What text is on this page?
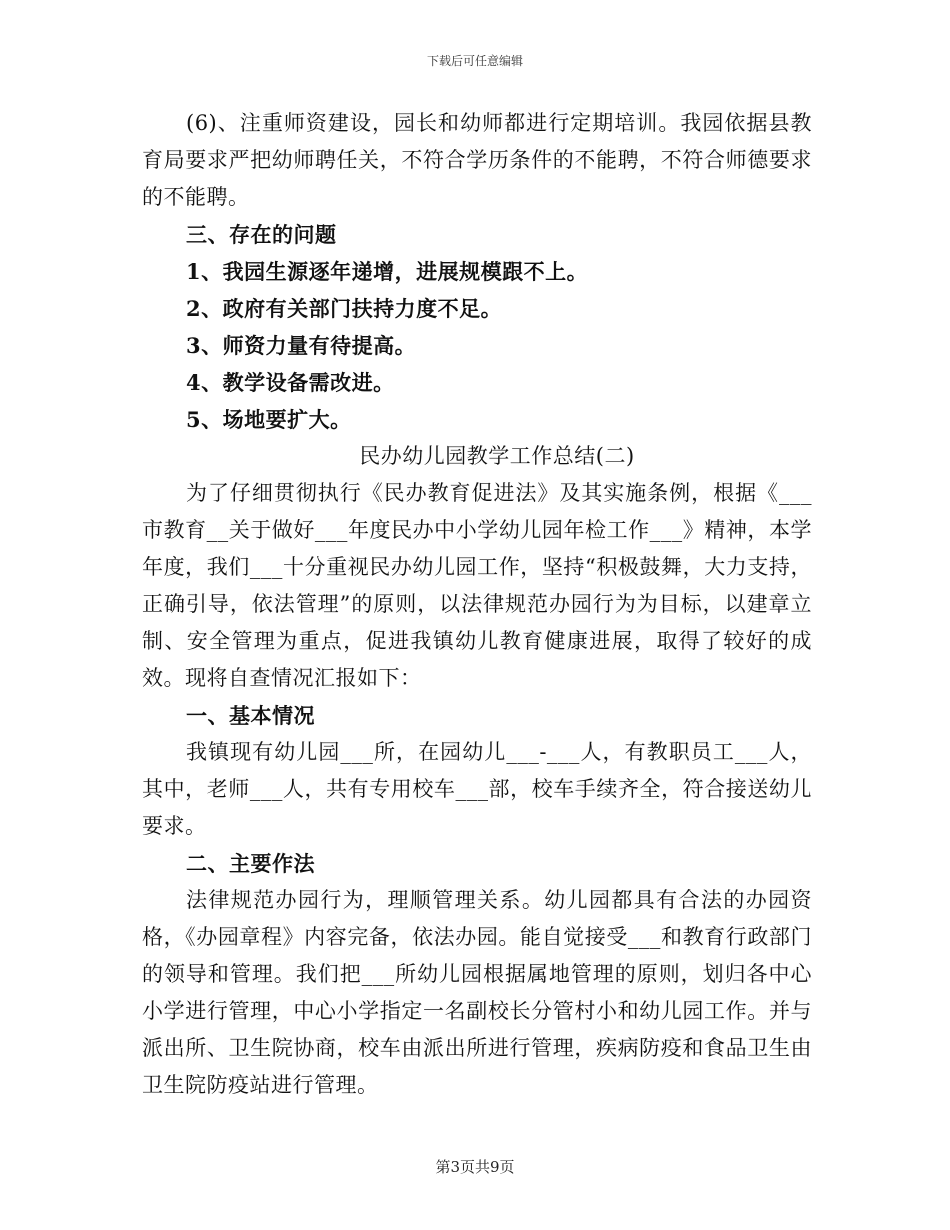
下载后可任意编辑

(6)、注重师资建设，园长和幼师都进行定期培训。我园依据县教育局要求严把幼师聘任关，不符合学历条件的不能聘，不符合师德要求的不能聘。

三、存在的问题

1、我园生源逐年递增，进展规模跟不上。

2、政府有关部门扶持力度不足。

3、师资力量有待提高。

4、教学设备需改进。

5、场地要扩大。

民办幼儿园教学工作总结(二)

为了仔细贯彻执行《民办教育促进法》及其实施条例，根据《___市教育__关于做好___年度民办中小学幼儿园年检工作___》精神，本学年度，我们___十分重视民办幼儿园工作，坚持“积极鼓舞，大力支持，正确引导，依法管理”的原则，以法律规范办园行为为目标，以建章立制、安全管理为重点，促进我镇幼儿教育健康进展，取得了较好的成效。现将自查情况汇报如下：

一、基本情况

我镇现有幼儿园___所，在园幼儿___-___人，有教职员工___人，其中，老师___人，共有专用校车___部，校车手续齐全，符合接送幼儿要求。

二、主要作法

法律规范办园行为，理顺管理关系。幼儿园都具有合法的办园资格，《办园章程》内容完备，依法办园。能自觉接受___和教育行政部门的领导和管理。我们把___所幼儿园根据属地管理的原则，划归各中心小学进行管理，中心小学指定一名副校长分管村小和幼儿园工作。并与派出所、卫生院协商，校车由派出所进行管理，疾病防疫和食品卫生由卫生院防疫站进行管理。

第3页共9页
